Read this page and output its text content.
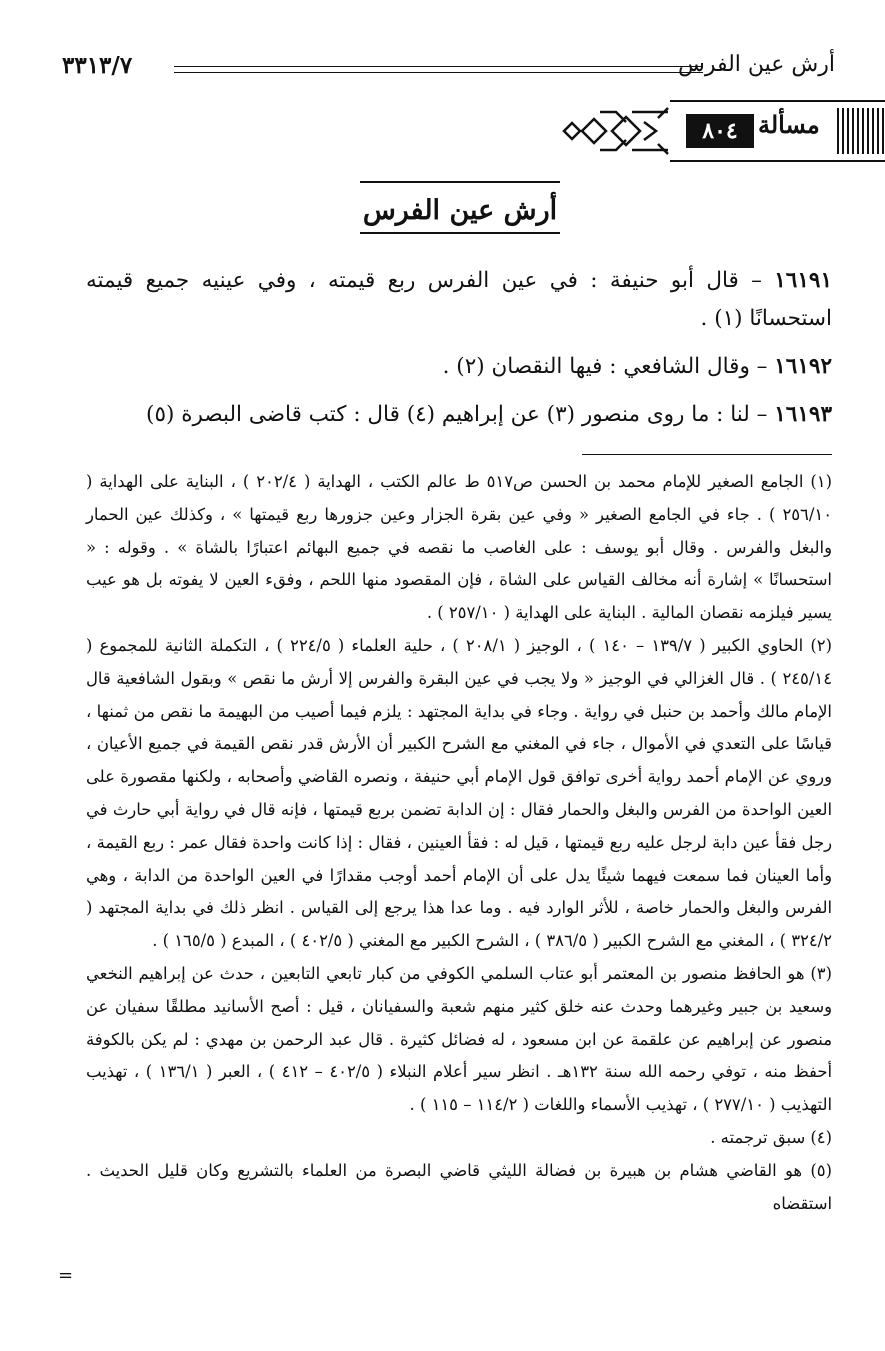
أرش عين الفرس
٣٣١٣/٧
٨٠٤ مسألة
أرش عين الفرس

١٦١٩١ – قال أبو حنيفة : في عين الفرس ربع قيمته ، وفي عينيه جميع قيمته استحسانًا (١) .

١٦١٩٢ – وقال الشافعي : فيها النقصان (٢) .

١٦١٩٣ – لنا : ما روى منصور (٣) عن إبراهيم (٤) قال : كتب قاضى البصرة (٥)

(١) الجامع الصغير للإمام محمد بن الحسن ص٥١٧ ط عالم الكتب ، الهداية ( ٢٠٢/٤ ) ، البناية على الهداية ( ٢٥٦/١٠ ) . جاء في الجامع الصغير « وفي عين بقرة الجزار وعين جزورها ربع قيمتها » ، وكذلك عين الحمار والبغل والفرس . وقال أبو يوسف : على الغاصب ما نقصه في جميع البهائم اعتبارًا بالشاة » . وقوله : « استحسانًا » إشارة أنه مخالف القياس على الشاة ، فإن المقصود منها اللحم ، وفقء العين لا يفوته بل هو عيب يسير فيلزمه نقصان المالية . البناية على الهداية ( ٢٥٧/١٠ ) .

(٢) الحاوي الكبير ( ١٣٩/٧ – ١٤٠ ) ، الوجيز ( ٢٠٨/١ ) ، حلية العلماء ( ٢٢٤/٥ ) ، التكملة الثانية للمجموع ( ٢٤٥/١٤ ) . قال الغزالي في الوجيز « ولا يجب في عين البقرة والفرس إلا أرش ما نقص » وبقول الشافعية قال الإمام مالك وأحمد بن حنبل في رواية . وجاء في بداية المجتهد : يلزم فيما أصيب من البهيمة ما نقص من ثمنها ، قياسًا على التعدي في الأموال ، جاء في المغني مع الشرح الكبير أن الأرش قدر نقص القيمة في جميع الأعيان ، وروي عن الإمام أحمد رواية أخرى توافق قول الإمام أبي حنيفة ، ونصره القاضي وأصحابه ، ولكنها مقصورة على العين الواحدة من الفرس والبغل والحمار فقال : إن الدابة تضمن بربع قيمتها ، فإنه قال في رواية أبي حارث في رجل فقأ عين دابة لرجل عليه ربع قيمتها ، قيل له : فقأ العينين ، فقال : إذا كانت واحدة فقال عمر : ربع القيمة ، وأما العينان فما سمعت فيهما شيئًا يدل على أن الإمام أحمد أوجب مقدارًا في العين الواحدة من الدابة ، وهي الفرس والبغل والحمار خاصة ، للأثر الوارد فيه . وما عدا هذا يرجع إلى القياس . انظر ذلك في بداية المجتهد ( ٣٢٤/٢ ) ، المغني مع الشرح الكبير ( ٣٨٦/٥ ) ، الشرح الكبير مع المغني ( ٤٠٢/٥ ) ، المبدع ( ١٦٥/٥ ) .

(٣) هو الحافظ منصور بن المعتمر أبو عتاب السلمي الكوفي من كبار تابعي التابعين ، حدث عن إبراهيم النخعي وسعيد بن جبير وغيرهما وحدث عنه خلق كثير منهم شعبة والسفيانان ، قيل : أصح الأسانيد مطلقًا سفيان عن منصور عن إبراهيم عن علقمة عن ابن مسعود ، له فضائل كثيرة . قال عبد الرحمن بن مهدي : لم يكن بالكوفة أحفظ منه ، توفي رحمه الله سنة ١٣٢هـ . انظر سير أعلام النبلاء ( ٤٠٢/٥ – ٤١٢ ) ، العبر ( ١٣٦/١ ) ، تهذيب التهذيب ( ٢٧٧/١٠ ) ، تهذيب الأسماء واللغات ( ١١٤/٢ – ١١٥ ) .

(٤) سبق ترجمته .

(٥) هو القاضي هشام بن هبيرة بن فضالة الليثي قاضي البصرة من العلماء بالتشريع وكان قليل الحديث . استقضاه

=
